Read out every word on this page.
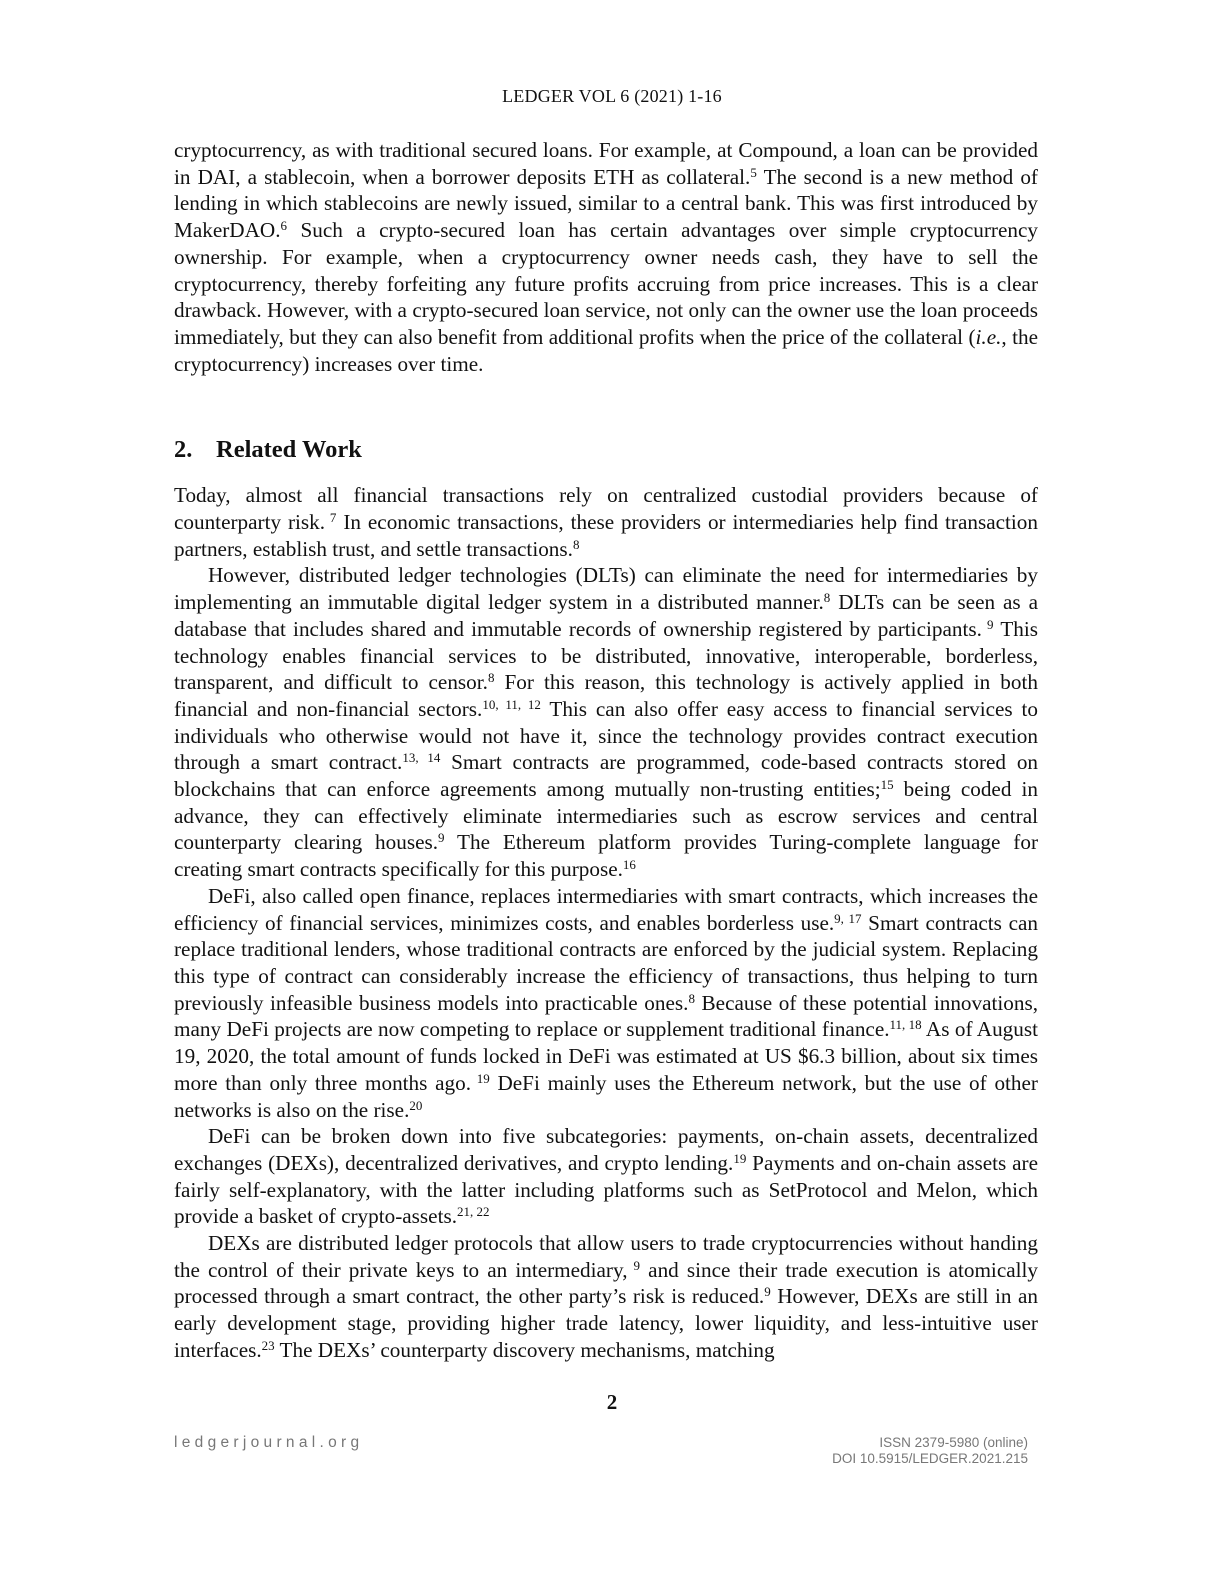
LEDGER VOL 6 (2021) 1-16

cryptocurrency, as with traditional secured loans. For example, at Compound, a loan can be provided in DAI, a stablecoin, when a borrower deposits ETH as collateral.$^5$ The second is a new method of lending in which stablecoins are newly issued, similar to a central bank. This was first introduced by MakerDAO.$^6$ Such a crypto-secured loan has certain advantages over simple cryptocurrency ownership. For example, when a cryptocurrency owner needs cash, they have to sell the cryptocurrency, thereby forfeiting any future profits accruing from price increases. This is a clear drawback. However, with a crypto-secured loan service, not only can the owner use the loan proceeds immediately, but they can also benefit from additional profits when the price of the collateral (i.e., the cryptocurrency) increases over time.

2. Related Work

Today, almost all financial transactions rely on centralized custodial providers because of counterparty risk. $^7$ In economic transactions, these providers or intermediaries help find transaction partners, establish trust, and settle transactions.$^8$

However, distributed ledger technologies (DLTs) can eliminate the need for intermediaries by implementing an immutable digital ledger system in a distributed manner.$^8$ DLTs can be seen as a database that includes shared and immutable records of ownership registered by participants. $^9$ This technology enables financial services to be distributed, innovative, interoperable, borderless, transparent, and difficult to censor.$^8$ For this reason, this technology is actively applied in both financial and non-financial sectors.$^{10, 11, 12}$ This can also offer easy access to financial services to individuals who otherwise would not have it, since the technology provides contract execution through a smart contract.$^{13, 14}$ Smart contracts are programmed, code-based contracts stored on blockchains that can enforce agreements among mutually non-trusting entities;$^{15}$ being coded in advance, they can effectively eliminate intermediaries such as escrow services and central counterparty clearing houses.$^9$ The Ethereum platform provides Turing-complete language for creating smart contracts specifically for this purpose.$^{16}$

DeFi, also called open finance, replaces intermediaries with smart contracts, which increases the efficiency of financial services, minimizes costs, and enables borderless use.$^{9, 17}$ Smart contracts can replace traditional lenders, whose traditional contracts are enforced by the judicial system. Replacing this type of contract can considerably increase the efficiency of transactions, thus helping to turn previously infeasible business models into practicable ones.$^8$ Because of these potential innovations, many DeFi projects are now competing to replace or supplement traditional finance.$^{11, 18}$ As of August 19, 2020, the total amount of funds locked in DeFi was estimated at US $6.3 billion, about six times more than only three months ago. $^{19}$ DeFi mainly uses the Ethereum network, but the use of other networks is also on the rise.$^{20}$

DeFi can be broken down into five subcategories: payments, on-chain assets, decentralized exchanges (DEXs), decentralized derivatives, and crypto lending.$^{19}$ Payments and on-chain assets are fairly self-explanatory, with the latter including platforms such as SetProtocol and Melon, which provide a basket of crypto-assets.$^{21, 22}$

DEXs are distributed ledger protocols that allow users to trade cryptocurrencies without handing the control of their private keys to an intermediary, $^9$ and since their trade execution is atomically processed through a smart contract, the other party’s risk is reduced.$^9$ However, DEXs are still in an early development stage, providing higher trade latency, lower liquidity, and less-intuitive user interfaces.$^{23}$ The DEXs’ counterparty discovery mechanisms, matching

2
ledgerjournal.org	ISSN 2379-5980 (online)
DOI 10.5915/LEDGER.2021.215
